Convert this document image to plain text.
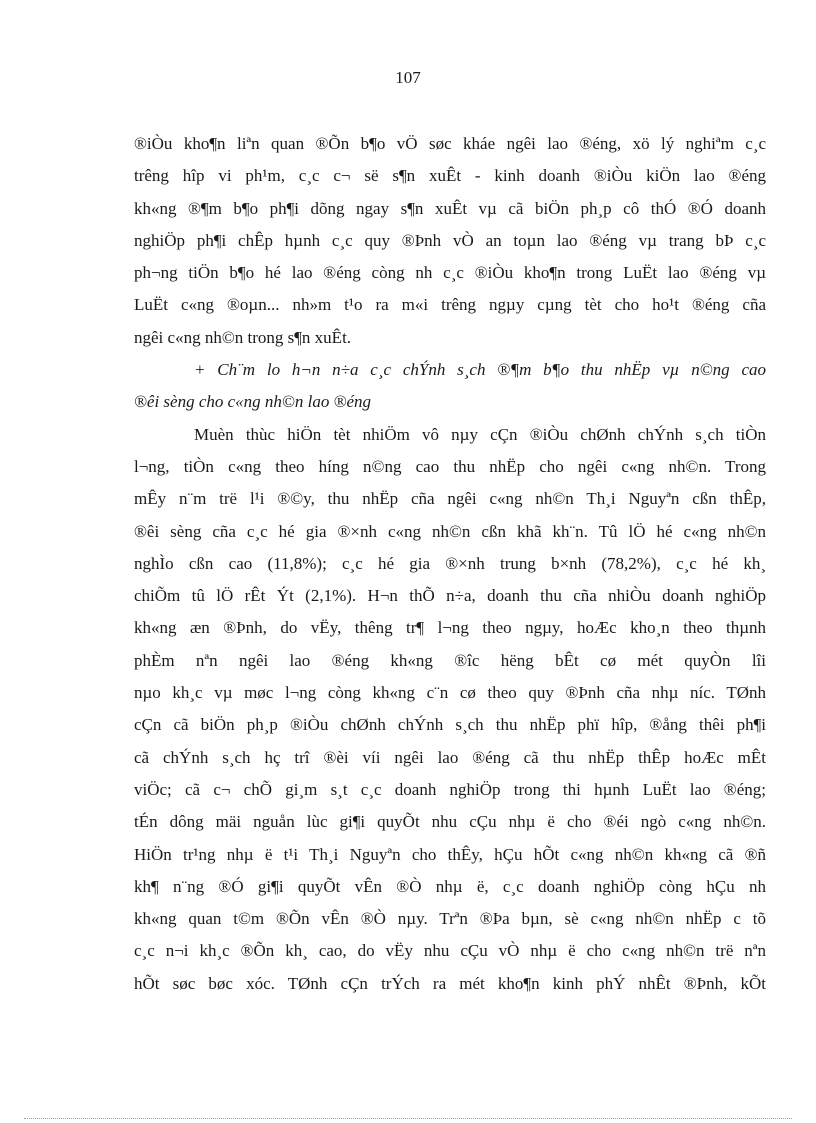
107
®iÒu kho¶n liªn quan ®Õn b¶o vÖ søc kháe ngêi lao ®éng, xö lý nghiªm c¸c
trêng hîp vi ph¹m, c¸c c¬ së s¶n xuÊt - kinh doanh ®iÒu kiÖn lao ®éng
kh«ng ®¶m b¶o ph¶i dõng ngay s¶n xuÊt vµ cã biÖn ph¸p cô thÓ ®Ó doanh
nghiÖp ph¶i chÊp hµnh c¸c quy ®Þnh vÒ an toµn lao ®éng vµ trang bÞ c¸c
ph¬ng tiÖn b¶o hé lao ®éng còng nh c¸c ®iÒu kho¶n trong LuËt lao ®éng vµ
LuËt c«ng ®oµn... nh»m t¹o ra m«i trêng ngµy cµng tèt cho ho¹t ®éng cña
ngêi c«ng nh©n trong s¶n xuÊt.
+ Ch¨m lo h¬n n÷a c¸c chÝnh s¸ch ®¶m b¶o thu nhËp vµ n©ng cao
®êi sèng cho c«ng nh©n lao ®éng
Muèn thùc hiÖn tèt nhiÖm vô nµy cÇn ®iÒu chØnh chÝnh s¸ch tiÒn
l¬ng, tiÒn c«ng theo híng n©ng cao thu nhËp cho ngêi c«ng nh©n. Trong
mÊy n¨m trë l¹i ®©y, thu nhËp cña ngêi c«ng nh©n Th¸i Nguyªn cßn thÊp,
®êi sèng cña c¸c hé gia ®×nh c«ng nh©n cßn khã kh¨n. Tû lÖ hé c«ng nh©n
nghÌo cßn cao (11,8%); c¸c hé gia ®×nh trung b×nh (78,2%), c¸c hé kh¸
chiÕm tû lÖ rÊt Ýt (2,1%). H¬n thÕ n÷a, doanh thu cña nhiÒu doanh nghiÖp
kh«ng æn ®Þnh, do vËy, thêng tr¶ l¬ng theo ngµy, hoÆc kho¸n theo thµnh
phÈm nªn ngêi lao ®éng kh«ng ®îc hëng bÊt cø mét quyÒn lîi
nµo kh¸c vµ møc l¬ng còng kh«ng c¨n cø theo quy ®Þnh cña nhµ níc. TØnh
cÇn cã biÖn ph¸p ®iÒu chØnh chÝnh s¸ch thu nhËp phï hîp, ®ång thêi ph¶i
cã chÝnh s¸ch hç trî ®èi víi ngêi lao ®éng cã thu nhËp thÊp hoÆc mÊt
viÖc; cã c¬ chÕ gi¸m s¸t c¸c doanh nghiÖp trong thi hµnh LuËt lao ®éng;
tÉn dông mäi nguån lùc gi¶i quyÕt nhu cÇu nhµ ë cho ®éi ngò c«ng nh©n.
HiÖn tr¹ng nhµ ë t¹i Th¸i Nguyªn cho thÊy, hÇu hÕt c«ng nh©n kh«ng cã ®ñ
kh¶ n¨ng ®Ó gi¶i quyÕt vÊn ®Ò nhµ ë, c¸c doanh nghiÖp còng hÇu nh
kh«ng quan t©m ®Õn vÊn ®Ò nµy. Trªn ®Þa bµn, sè c«ng nh©n nhËp c tõ
c¸c n¬i kh¸c ®Õn kh¸ cao, do vËy nhu cÇu vÒ nhµ ë cho c«ng nh©n trë nªn
hÕt søc bøc xóc. TØnh cÇn trÝch ra mét kho¶n kinh phÝ nhÊt ®Þnh, kÕt
